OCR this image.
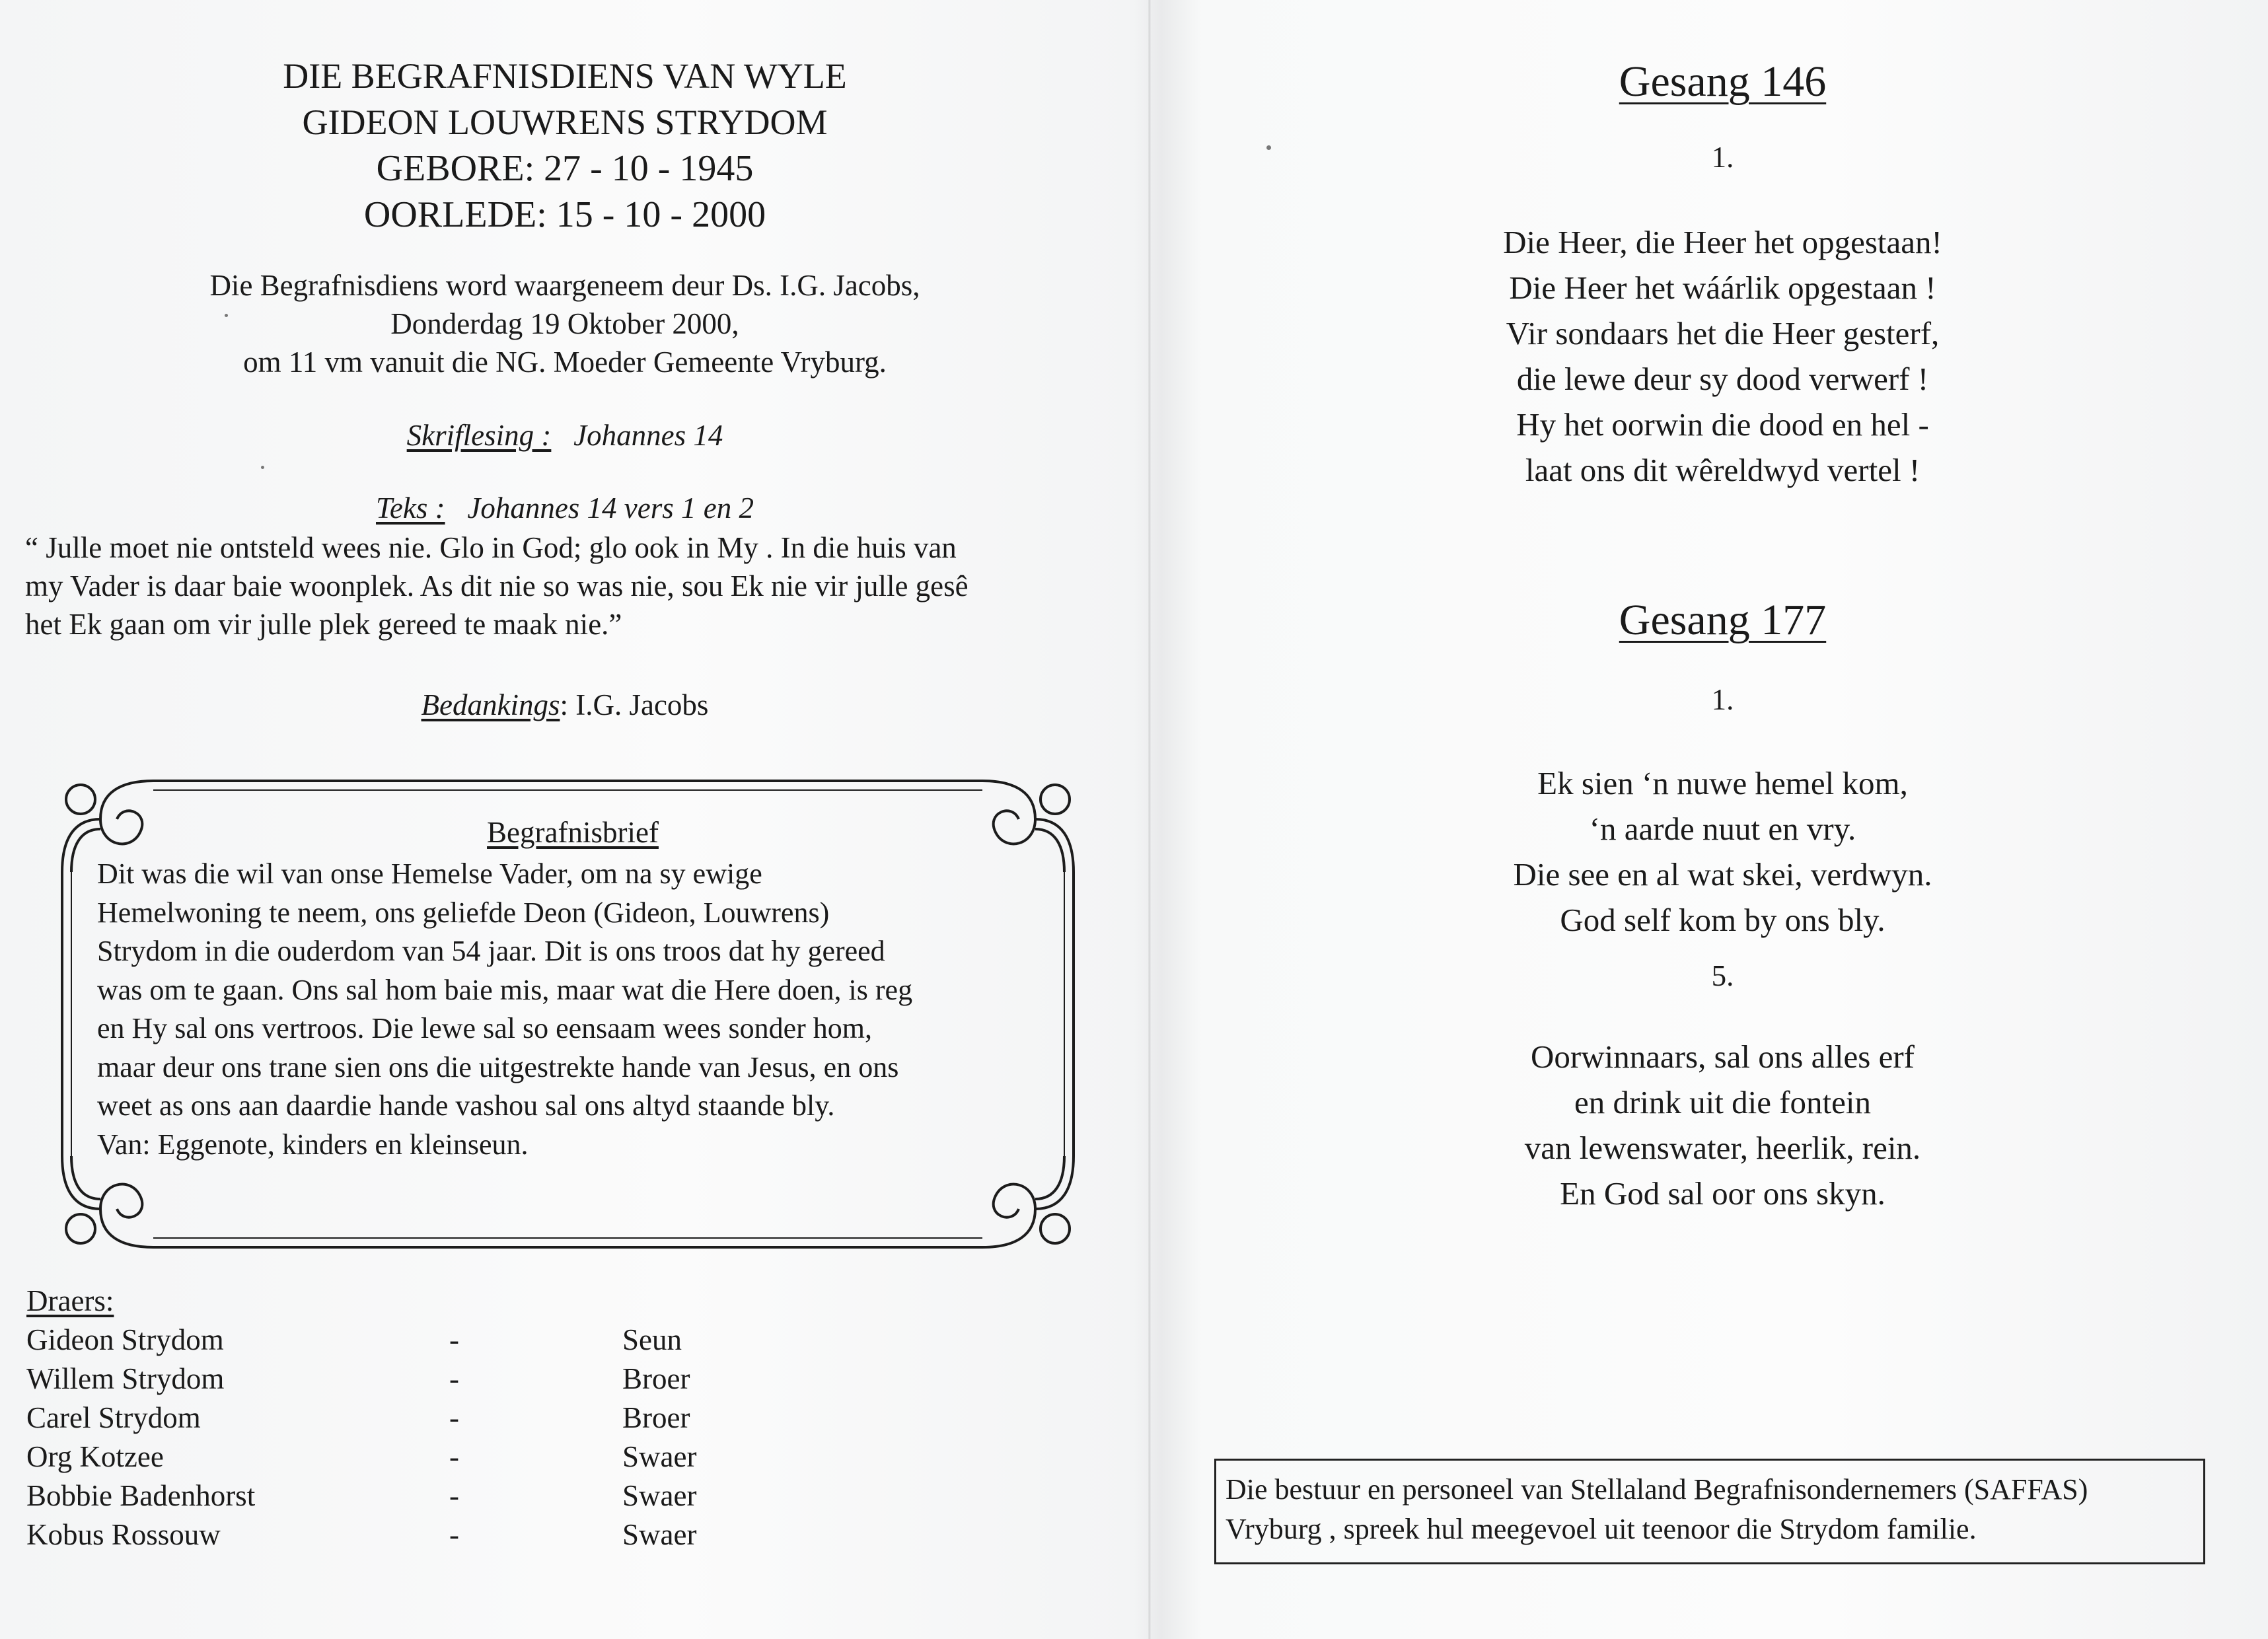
DIE BEGRAFNISDIENS VAN WYLE
GIDEON LOUWRENS STRYDOM
GEBORE: 27 - 10 - 1945
OORLEDE: 15 - 10 - 2000
Die Begrafnisdiens word waargeneem deur Ds. I.G. Jacobs,
Donderdag 19 Oktober 2000,
om 11 vm vanuit die NG. Moeder Gemeente Vryburg.
Skriflesing : Johannes 14
Teks : Johannes 14 vers 1 en 2
“ Julle moet nie ontsteld wees nie. Glo in God; glo ook in My . In die huis van
my Vader is daar baie woonplek. As dit nie so was nie, sou Ek nie vir julle gesê
het Ek gaan om vir julle plek gereed te maak nie.”
Bedankings: I.G. Jacobs
Begrafnisbrief

Dit was die wil van onse Hemelse Vader, om na sy ewige

Hemelwoning te neem, ons geliefde Deon (Gideon, Louwrens)

Strydom in die ouderdom van 54 jaar. Dit is ons troos dat hy gereed

was om te gaan. Ons sal hom baie mis, maar wat die Here doen, is reg

en Hy sal ons vertroos. Die lewe sal so eensaam wees sonder hom,

maar deur ons trane sien ons die uitgestrekte hande van Jesus, en ons

weet as ons aan daardie hande vashou sal ons altyd staande bly.

Van: Eggenote, kinders en kleinseun.

Draers:
Gideon Strydom	-	Seun
Willem Strydom	-	Broer
Carel Strydom	-	Broer
Org Kotzee	-	Swaer
Bobbie Badenhorst	-	Swaer
Kobus Rossouw	-	Swaer
Gesang 146
1.
Die Heer, die Heer het opgestaan!
Die Heer het wáárlik opgestaan !
Vir sondaars het die Heer gesterf,
die lewe deur sy dood verwerf !
Hy het oorwin die dood en hel -
laat ons dit wêreldwyd vertel !
Gesang 177
1.
Ek sien ‘n nuwe hemel kom,
‘n aarde nuut en vry.
Die see en al wat skei, verdwyn.
God self kom by ons bly.
5.
Oorwinnaars, sal ons alles erf
en drink uit die fontein
van lewenswater, heerlik, rein.
En God sal oor ons skyn.
Die bestuur en personeel van Stellaland Begrafnisondernemers (SAFFAS)
Vryburg , spreek hul meegevoel uit teenoor die Strydom familie.
